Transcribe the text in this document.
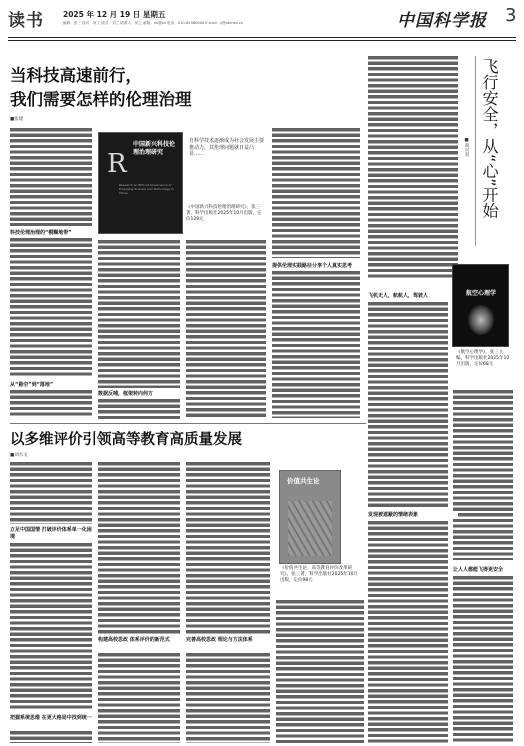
读书	2025 年 12 月 19 日 星期五
编辑：张三 校对：何工 版式：刘兰 联系人：何上 邮箱：xx@xx 电话：010-62580000 E-mail：jl@stimes.cn	中国科学报	3
当科技高速前行，
我们需要怎样的伦理治理
■张建
科技伦理治理的“模糊地带”
从“悬空”到“落地”
R
中国新兴科技伦理治理研究
Research on Ethical Governance of Emerging Science and Technology in China
自科学技术逐渐成为社会发展主要推动力，其伦理问题就日益凸显……
《中国新兴科技伦理治理研究》，张三著，科学出版社2025年10月出版，定价128元
数据反哺，框架转向何方
提供伦理实践路径分享个人真实思考
以多维评价引领高等教育高质量发展
■刘水文
立足中国国情 打破评价体系单一化困境
把握系统思维 在更大格局中找到统一
构建高校思政 体系评价的新范式	完善高校思政 理论与方法体系
价值共生论
《价值共生论：高等教育评价改革研究》，张三著，科学出版社2025年10月出版，定价98元
飞行安全，从“心”开始
■胡兴双
飞机无人，航航人，驾驶人	航空心理学
《航空心理学》，张三主编，科学出版社2025年10月出版，定价68元
发现被遮蔽的情绪表象
让人人都能飞得更安全
